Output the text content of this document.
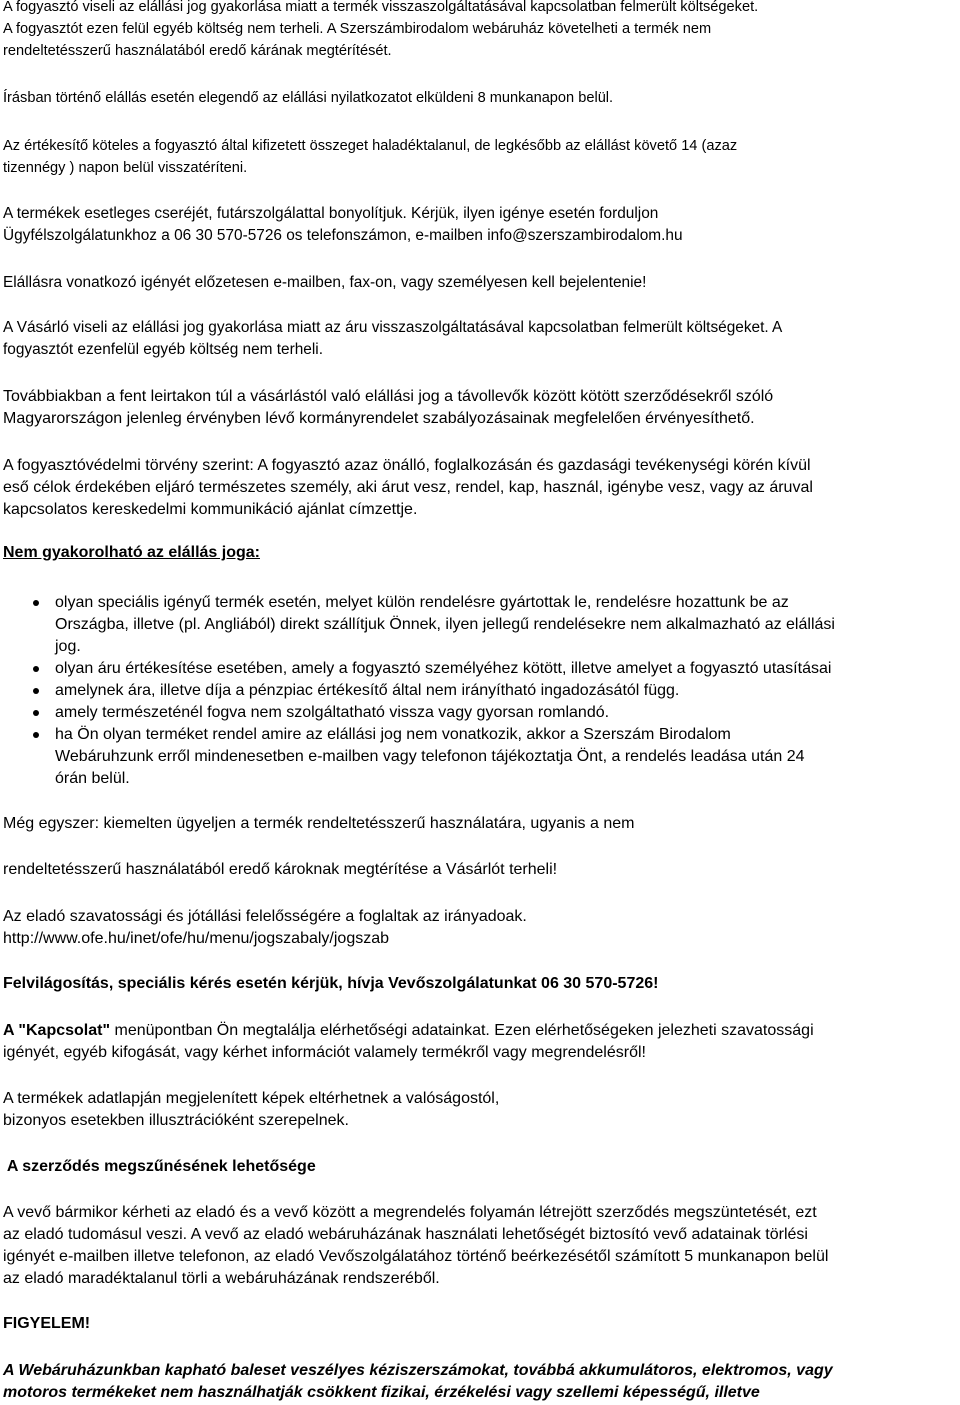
A fogyasztó viseli az elállási jog gyakorlása miatt a termék visszaszolgáltatásával kapcsolatban felmerült költségeket.
A fogyasztót ezen felül egyéb költség nem terheli. A Szerszámbirodalom webáruház követelheti a termék nem
rendeltetésszerű használatából eredő kárának megtérítését.
Írásban történő elállás esetén elegendő az elállási nyilatkozatot elküldeni 8 munkanapon belül.
Az értékesítő köteles a fogyasztó által kifizetett összeget haladéktalanul, de legkésőbb az elállást követő 14 (azaz
tizennégy ) napon belül visszatéríteni.
A termékek esetleges cseréjét, futárszolgálattal bonyolítjuk. Kérjük, ilyen igénye esetén forduljon
Ügyfélszolgálatunkhoz a 06 30 570-5726 os telefonszámon, e-mailben info@szerszambirodalom.hu
Elállásra vonatkozó igényét előzetesen e-mailben, fax-on, vagy személyesen kell bejelentenie!
A Vásárló viseli az elállási jog gyakorlása miatt az áru visszaszolgáltatásával kapcsolatban felmerült költségeket. A
fogyasztót ezenfelül egyéb költség nem terheli.
Továbbiakban a fent leirtakon túl a vásárlástól való elállási jog a távollevők között kötött szerződésekről szóló
Magyarországon jelenleg érvényben lévő kormányrendelet szabályozásainak megfelelően érvényesíthető.
A fogyasztóvédelmi törvény szerint: A fogyasztó azaz önálló, foglalkozásán és gazdasági tevékenységi körén kívül
eső célok érdekében eljáró természetes személy, aki árut vesz, rendel, kap, használ, igénybe vesz, vagy az áruval
kapcsolatos kereskedelmi kommunikáció ajánlat címzettje.
Nem gyakorolható az elállás joga:
olyan speciális igényű termék esetén, melyet külön rendelésre gyártottak le, rendelésre hozattunk be az
Országba, illetve (pl. Angliából) direkt szállítjuk Önnek, ilyen jellegű rendelésekre nem alkalmazható az elállási
jog.
olyan áru értékesítése esetében, amely a fogyasztó személyéhez kötött, illetve amelyet a fogyasztó utasításai
amelynek ára, illetve díja a pénzpiac értékesítő által nem irányítható ingadozásától függ.
amely természeténél fogva nem szolgáltatható vissza vagy gyorsan romlandó.
ha Ön olyan terméket rendel amire az elállási jog nem vonatkozik, akkor a Szerszám Birodalom
Webáruhzunk erről mindenesetben e-mailben vagy telefonon tájékoztatja Önt, a rendelés leadása után 24
órán belül.
Még egyszer: kiemelten ügyeljen a termék rendeltetésszerű használatára, ugyanis a nem
rendeltetésszerű használatából eredő károknak megtérítése a Vásárlót terheli!
Az eladó szavatossági és jótállási felelősségére a foglaltak az irányadoak.
http://www.ofe.hu/inet/ofe/hu/menu/jogszabaly/jogszab
Felvilágosítás, speciális kérés esetén kérjük, hívja Vevőszolgálatunkat 06 30 570-5726!
A "Kapcsolat" menüpontban Ön megtalálja elérhetőségi adatainkat. Ezen elérhetőségeken jelezheti szavatossági
igényét, egyéb kifogását, vagy kérhet információt valamely termékről vagy megrendelésről!
A termékek adatlapján megjelenített képek eltérhetnek a valóságostól,
bizonyos esetekben illusztrációként szerepelnek.
A szerződés megszűnésének lehetősége
A vevő bármikor kérheti az eladó és a vevő között a megrendelés folyamán létrejött szerződés megszüntetését, ezt
az eladó tudomásul veszi. A vevő az eladó webáruházának használati lehetőségét biztosító vevő adatainak törlési
igényét e-mailben illetve telefonon, az eladó Vevőszolgálatához történő beérkezésétől számított 5 munkanapon belül
az eladó maradéktalanul törli a webáruházának rendszeréből.
FIGYELEM!
A Webáruházunkban kapható baleset veszélyes kéziszerszámokat, továbbá akkumulátoros, elektromos, vagy
motoros termékeket nem használhatják csökkent fizikai, érzékelési vagy szellemi képességű, illetve
